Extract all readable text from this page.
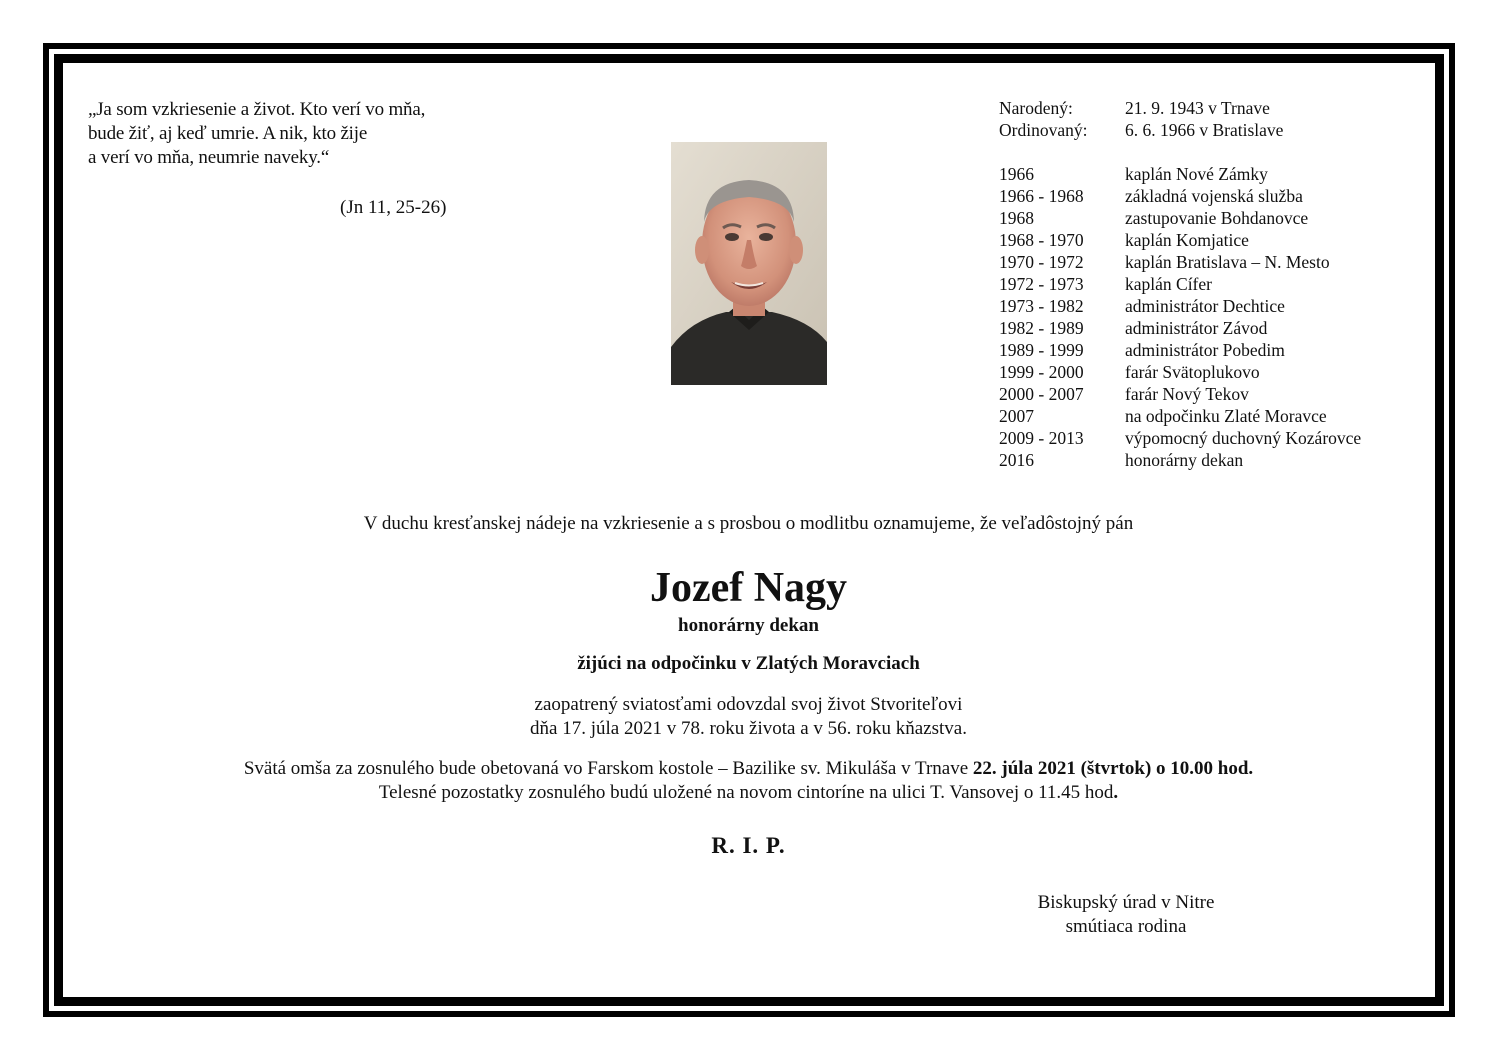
„Ja som vzkriesenie a život. Kto verí vo mňa,
bude žiť, aj keď umrie. A nik, kto žije
a verí vo mňa, neumrie naveky.“
(Jn 11, 25-26)
Narodený:	21. 9. 1943 v Trnave
Ordinovaný:	6. 6. 1966 v Bratislave
1966	kaplán Nové Zámky
1966 - 1968	základná vojenská služba
1968	zastupovanie Bohdanovce
1968 - 1970	kaplán Komjatice
1970 - 1972	kaplán Bratislava – N. Mesto
1972 - 1973	kaplán Cífer
1973 - 1982	administrátor Dechtice
1982 - 1989	administrátor Závod
1989 - 1999	administrátor Pobedim
1999 - 2000	farár Svätoplukovo
2000 - 2007	farár Nový Tekov
2007	na odpočinku Zlaté Moravce
2009 - 2013	výpomocný duchovný Kozárovce
2016	honorárny dekan
V duchu kresťanskej nádeje na vzkriesenie a s prosbou o modlitbu oznamujeme, že veľadôstojný pán
Jozef Nagy
honorárny dekan
žijúci na odpočinku v Zlatých Moravciach
zaopatrený sviatosťami odovzdal svoj život Stvoriteľovi
dňa 17. júla 2021 v 78. roku života a v 56. roku kňazstva.
Svätá omša za zosnulého bude obetovaná vo Farskom kostole – Bazilike sv. Mikuláša v Trnave 22. júla 2021 (štvrtok) o 10.00 hod.
Telesné pozostatky zosnulého budú uložené na novom cintoríne na ulici T. Vansovej o 11.45 hod.
R. I. P.
Biskupský úrad v Nitre
smútiaca rodina
